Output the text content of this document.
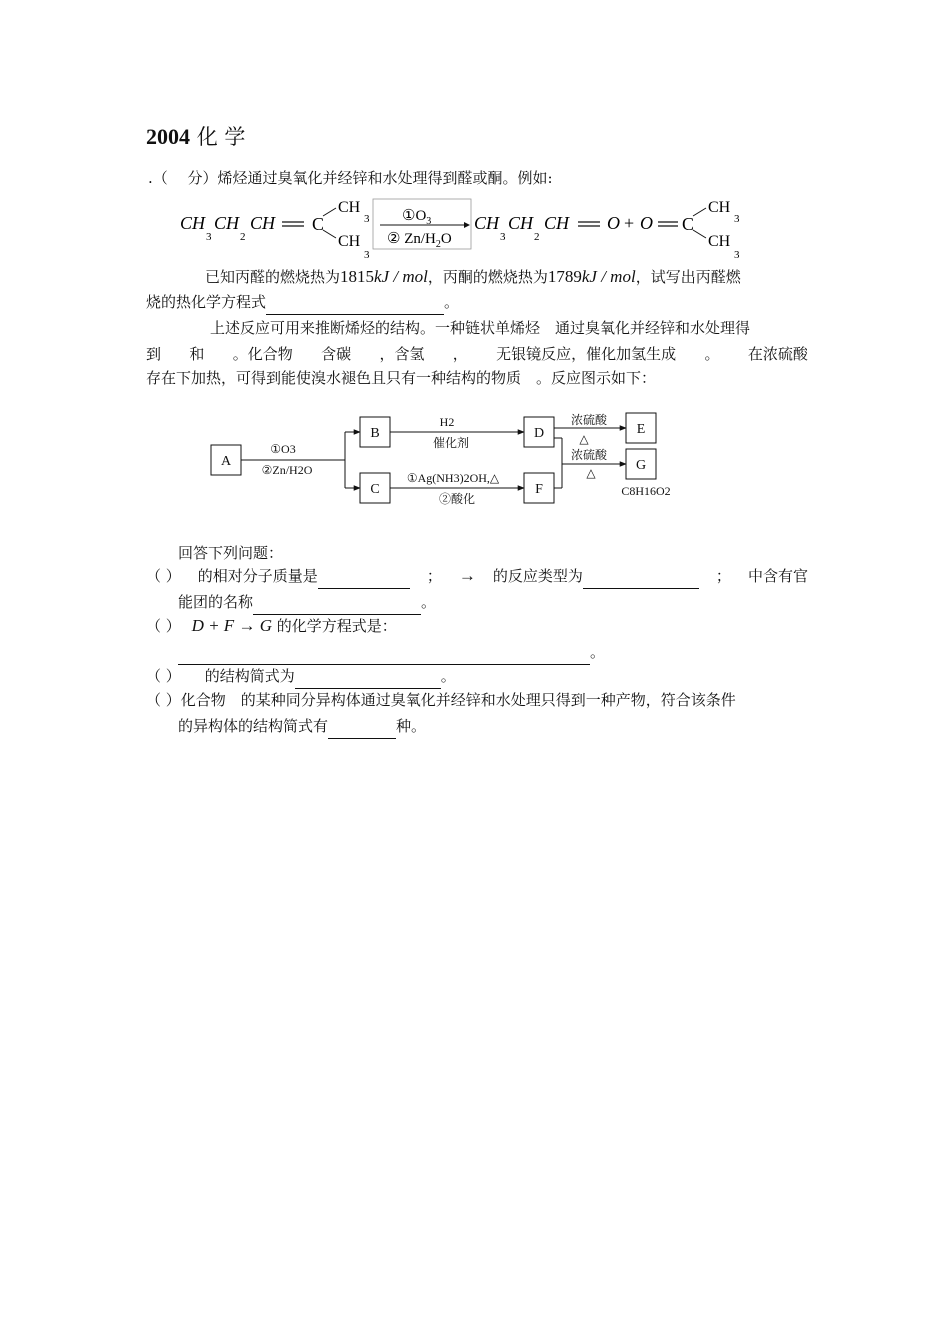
2004 化 学
.（　 分）烯烃通过臭氧化并经锌和水处理得到醛或酮。例如:
CH
3
CH
2
CH C
CH
3
CH
3
$①O_3$
② $Zn/H_2O$
CH
3
CH
2
CH O + O C
CH
3
CH
3
已知丙醛的燃烧热为1815kJ / mol，丙酮的燃烧热为1789kJ / mol，试写出丙醛燃
烧的热化学方程式	。
上述反应可用来推断烯烃的结构。一种链状单烯烃　通过臭氧化并经锌和水处理得
到 和 。化合物 含碳 ，含氢 ， 无银镜反应，催化加氢生成 。 在浓硫酸
存在下加热，可得到能使溴水褪色且只有一种结构的物质　。反应图示如下：
A
B
C
D
F
E
G
①O3
②Zn/H2O
H2
催化剂
①Ag(NH3)2OH,△
②酸化
浓硫酸
△
浓硫酸
△
C8H16O2
回答下列问题：
（ ） 的相对分子质量是	； → 的反应类型为	； 中含有官
能团的名称	。
（ ） D + F → G 的化学方程式是：
。
（ ） 的结构简式为	。
（ ）化合物　的某种同分异构体通过臭氧化并经锌和水处理只得到一种产物，符合该条件
的异构体的结构简式有	种。
